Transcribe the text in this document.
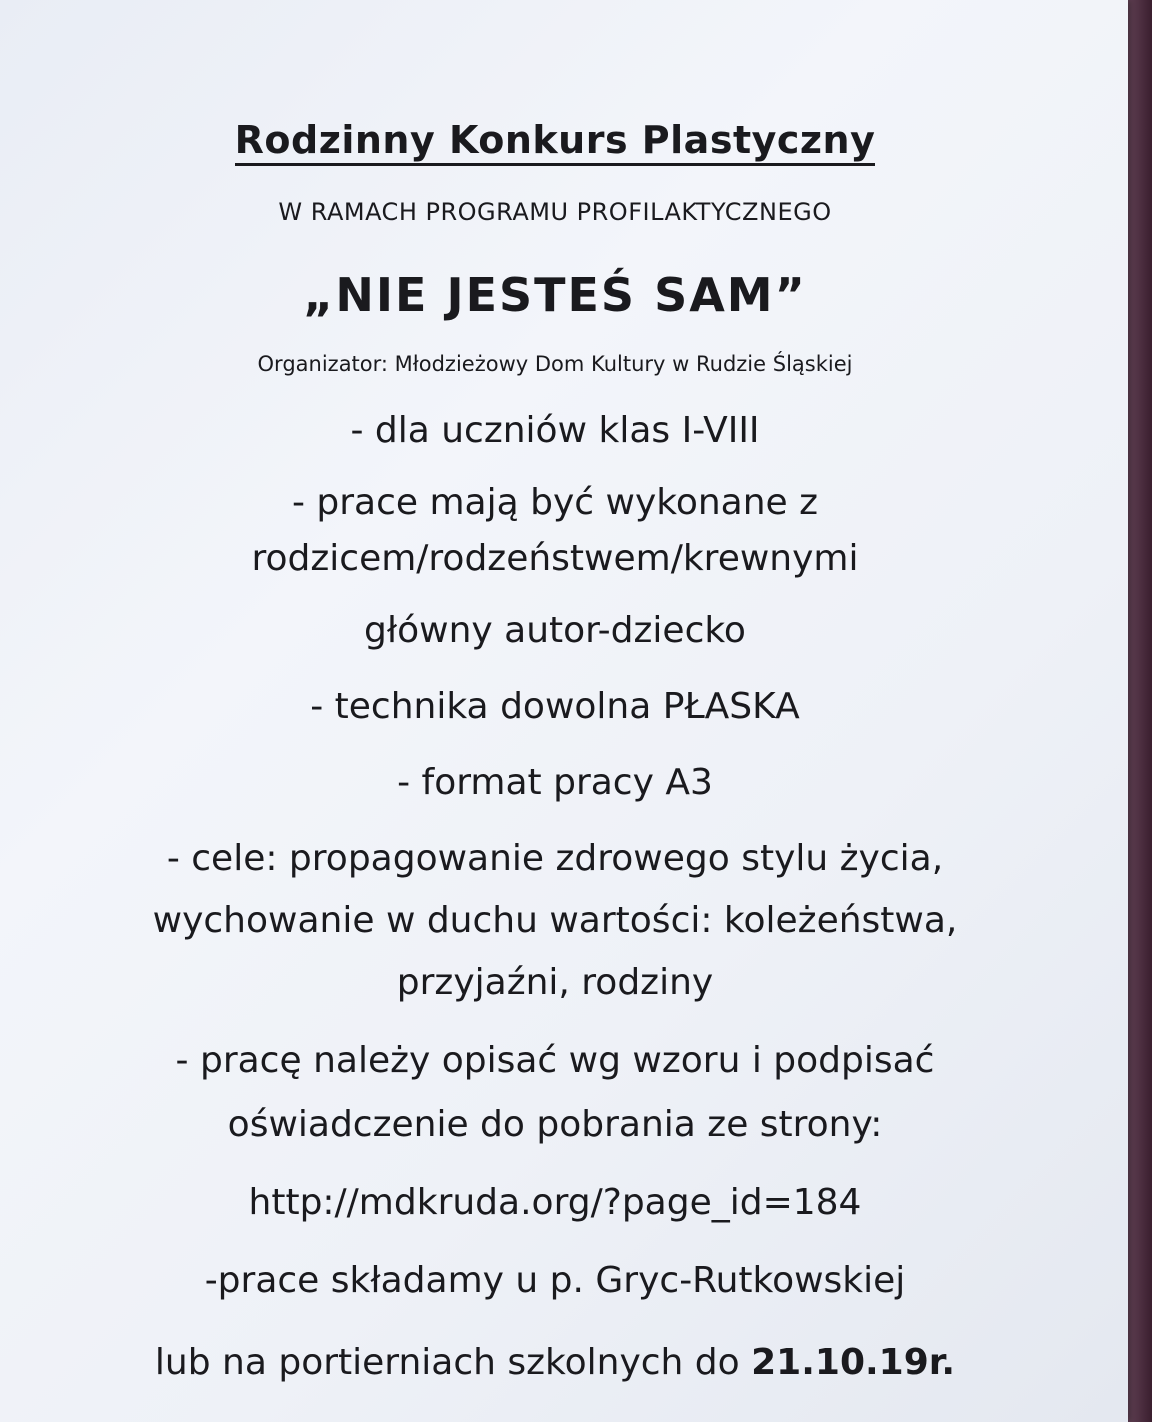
Rodzinny Konkurs Plastyczny
W RAMACH PROGRAMU PROFILAKTYCZNEGO
„NIE JESTEŚ SAM”
Organizator: Młodzieżowy Dom Kultury w Rudzie Śląskiej
- dla uczniów klas I-VIII
- prace mają być wykonane z
rodzicem/rodzeństwem/krewnymi
główny autor-dziecko
- technika dowolna PŁASKA
- format pracy A3
- cele: propagowanie zdrowego stylu życia,
wychowanie w duchu wartości: koleżeństwa,
przyjaźni, rodziny
- pracę należy opisać wg wzoru i podpisać
oświadczenie do pobrania ze strony:
http://mdkruda.org/?page_id=184
-prace składamy u p. Gryc-Rutkowskiej
lub na portierniach szkolnych do 21.10.19r.
